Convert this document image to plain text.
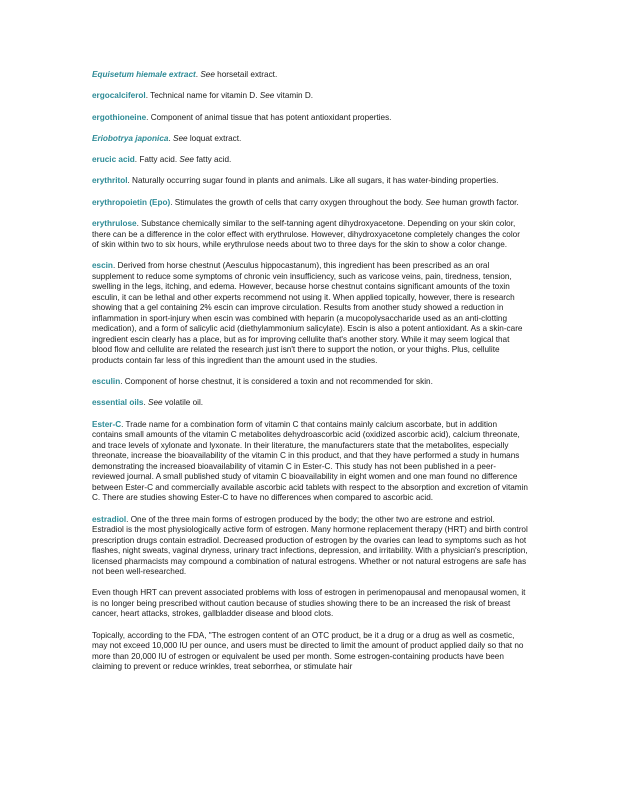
Equisetum hiemale extract. See horsetail extract.

ergocalciferol. Technical name for vitamin D. See vitamin D.

ergothioneine. Component of animal tissue that has potent antioxidant properties.

Eriobotrya japonica. See loquat extract.

erucic acid. Fatty acid. See fatty acid.

erythritol. Naturally occurring sugar found in plants and animals. Like all sugars, it has water-binding properties.

erythropoietin (Epo). Stimulates the growth of cells that carry oxygen throughout the body. See human growth factor.

erythrulose. Substance chemically similar to the self-tanning agent dihydroxyacetone. Depending on your skin color, there can be a difference in the color effect with erythrulose. However, dihydroxyacetone completely changes the color of skin within two to six hours, while erythrulose needs about two to three days for the skin to show a color change.

escin. Derived from horse chestnut (Aesculus hippocastanum), this ingredient has been prescribed as an oral supplement to reduce some symptoms of chronic vein insufficiency, such as varicose veins, pain, tiredness, tension, swelling in the legs, itching, and edema. However, because horse chestnut contains significant amounts of the toxin esculin, it can be lethal and other experts recommend not using it. When applied topically, however, there is research showing that a gel containing 2% escin can improve circulation. Results from another study showed a reduction in inflammation in sport-injury when escin was combined with heparin (a mucopolysaccharide used as an anti-clotting medication), and a form of salicylic acid (diethylammonium salicylate). Escin is also a potent antioxidant. As a skin-care ingredient escin clearly has a place, but as for improving cellulite that's another story. While it may seem logical that blood flow and cellulite are related the research just isn't there to support the notion, or your thighs. Plus, cellulite products contain far less of this ingredient than the amount used in the studies.

esculin. Component of horse chestnut, it is considered a toxin and not recommended for skin.

essential oils. See volatile oil.

Ester-C. Trade name for a combination form of vitamin C that contains mainly calcium ascorbate, but in addition contains small amounts of the vitamin C metabolites dehydroascorbic acid (oxidized ascorbic acid), calcium threonate, and trace levels of xylonate and lyxonate. In their literature, the manufacturers state that the metabolites, especially threonate, increase the bioavailability of the vitamin C in this product, and that they have performed a study in humans demonstrating the increased bioavailability of vitamin C in Ester-C. This study has not been published in a peer-reviewed journal. A small published study of vitamin C bioavailability in eight women and one man found no difference between Ester-C and commercially available ascorbic acid tablets with respect to the absorption and excretion of vitamin C. There are studies showing Ester-C to have no differences when compared to ascorbic acid.

estradiol. One of the three main forms of estrogen produced by the body; the other two are estrone and estriol. Estradiol is the most physiologically active form of estrogen. Many hormone replacement therapy (HRT) and birth control prescription drugs contain estradiol. Decreased production of estrogen by the ovaries can lead to symptoms such as hot flashes, night sweats, vaginal dryness, urinary tract infections, depression, and irritability. With a physician's prescription, licensed pharmacists may compound a combination of natural estrogens. Whether or not natural estrogens are safe has not been well-researched.

Even though HRT can prevent associated problems with loss of estrogen in perimenopausal and menopausal women, it is no longer being prescribed without caution because of studies showing there to be an increased the risk of breast cancer, heart attacks, strokes, gallbladder disease and blood clots.

Topically, according to the FDA, "The estrogen content of an OTC product, be it a drug or a drug as well as cosmetic, may not exceed 10,000 IU per ounce, and users must be directed to limit the amount of product applied daily so that no more than 20,000 IU of estrogen or equivalent be used per month. Some estrogen-containing products have been claiming to prevent or reduce wrinkles, treat seborrhea, or stimulate hair
